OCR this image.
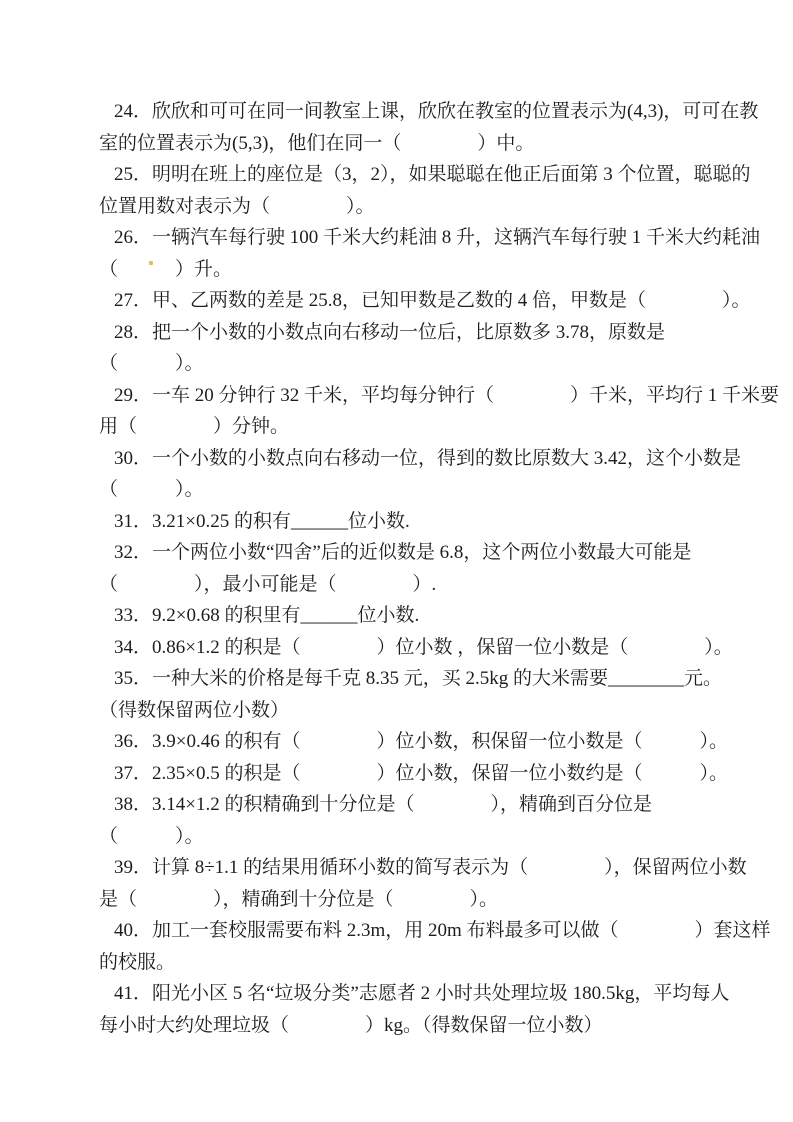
24．欣欣和可可在同一间教室上课，欣欣在教室的位置表示为(4,3)，可可在教
室的位置表示为(5,3)，他们在同一（　　　　）中。
25．明明在班上的座位是（3，2），如果聪聪在他正后面第 3 个位置，聪聪的
位置用数对表示为（　　　　）。
26．一辆汽车每行驶 100 千米大约耗油 8 升，这辆汽车每行驶 1 千米大约耗油
（　　　）升。
27．甲、乙两数的差是 25.8，已知甲数是乙数的 4 倍，甲数是（　　　　）。
28．把一个小数的小数点向右移动一位后，比原数多 3.78，原数是
（　　　）。
29．一车 20 分钟行 32 千米，平均每分钟行（　　　　）千米，平均行 1 千米要
用（　　　　）分钟。
30．一个小数的小数点向右移动一位，得到的数比原数大 3.42，这个小数是
（　　　）。
31．3.21×0.25 的积有______位小数.
32．一个两位小数“四舍”后的近似数是 6.8，这个两位小数最大可能是
（　　　　），最小可能是（　　　　）.
33．9.2×0.68 的积里有______位小数.
34．0.86×1.2 的积是（　　　　）位小数 ，保留一位小数是（　　　　）。
35．一种大米的价格是每千克 8.35 元，买 2.5kg 的大米需要________元。
（得数保留两位小数）
36．3.9×0.46 的积有（　　　　）位小数，积保留一位小数是（　　　）。
37．2.35×0.5 的积是（　　　　）位小数，保留一位小数约是（　　　）。
38．3.14×1.2 的积精确到十分位是（　　　　），精确到百分位是
（　　　）。
39．计算 8÷1.1 的结果用循环小数的简写表示为（　　　　），保留两位小数
是（　　　　），精确到十分位是（　　　　）。
40．加工一套校服需要布料 2.3m，用 20m 布料最多可以做（　　　　）套这样
的校服。
41．阳光小区 5 名“垃圾分类”志愿者 2 小时共处理垃圾 180.5kg，平均每人
每小时大约处理垃圾（　　　　）kg。（得数保留一位小数）
